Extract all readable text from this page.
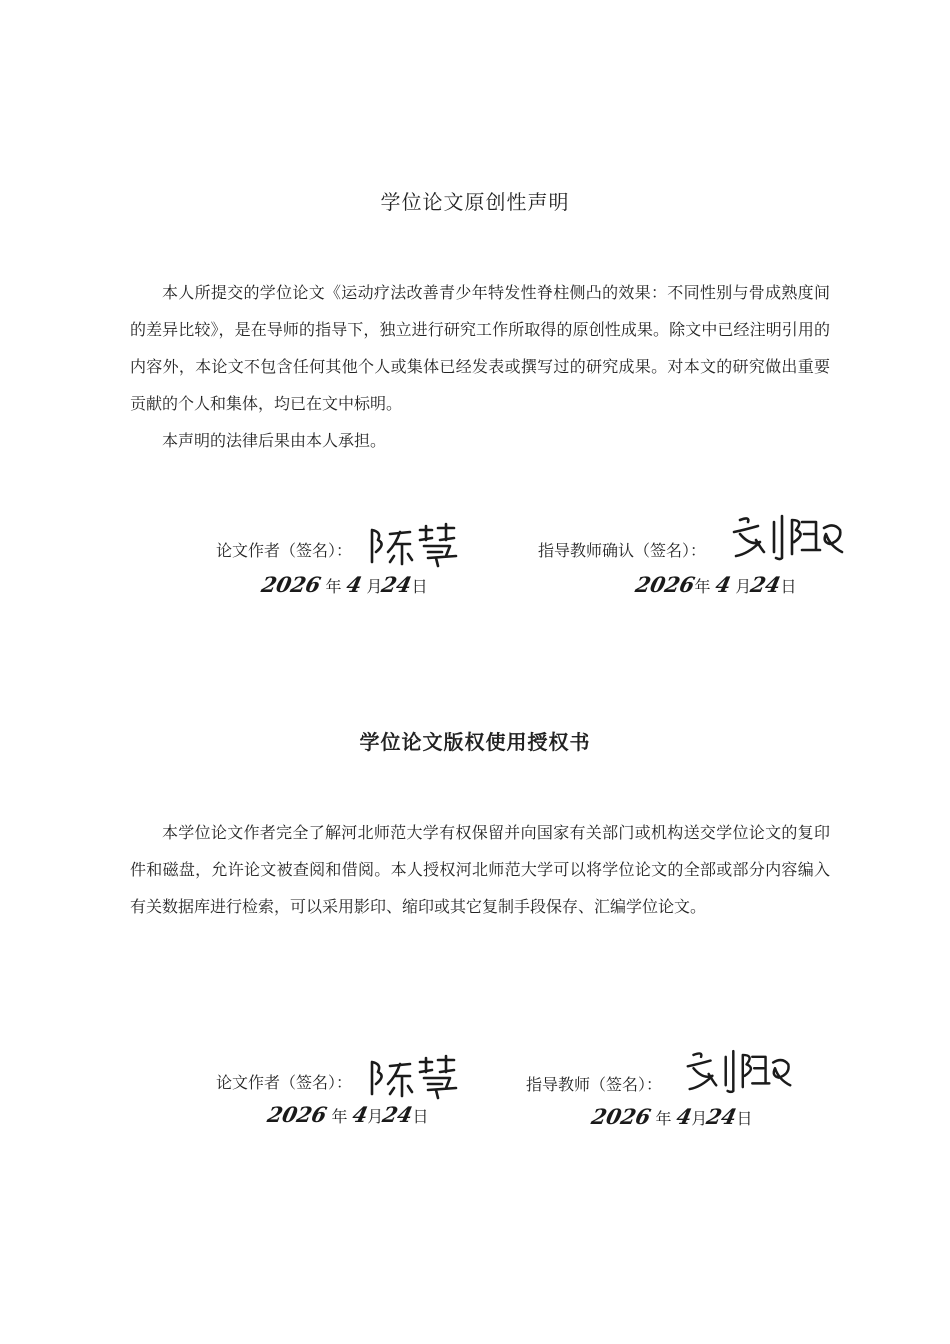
学位论文原创性声明

本人所提交的学位论文《运动疗法改善青少年特发性脊柱侧凸的效果：不同性别与骨成熟度间的差异比较》，是在导师的指导下，独立进行研究工作所取得的原创性成果。除文中已经注明引用的内容外，本论文不包含任何其他个人或集体已经发表或撰写过的研究成果。对本文的研究做出重要贡献的个人和集体，均已在文中标明。

本声明的法律后果由本人承担。

论文作者（签名）：
2026 年 4 月24日
指导教师确认（签名）：
2026年 4 月24日
学位论文版权使用授权书

本学位论文作者完全了解河北师范大学有权保留并向国家有关部门或机构送交学位论文的复印件和磁盘，允许论文被查阅和借阅。本人授权河北师范大学可以将学位论文的全部或部分内容编入有关数据库进行检索，可以采用影印、缩印或其它复制手段保存、汇编学位论文。

论文作者（签名）：
2026 年 4月24日
指导教师（签名）：
2026 年 4月24日
